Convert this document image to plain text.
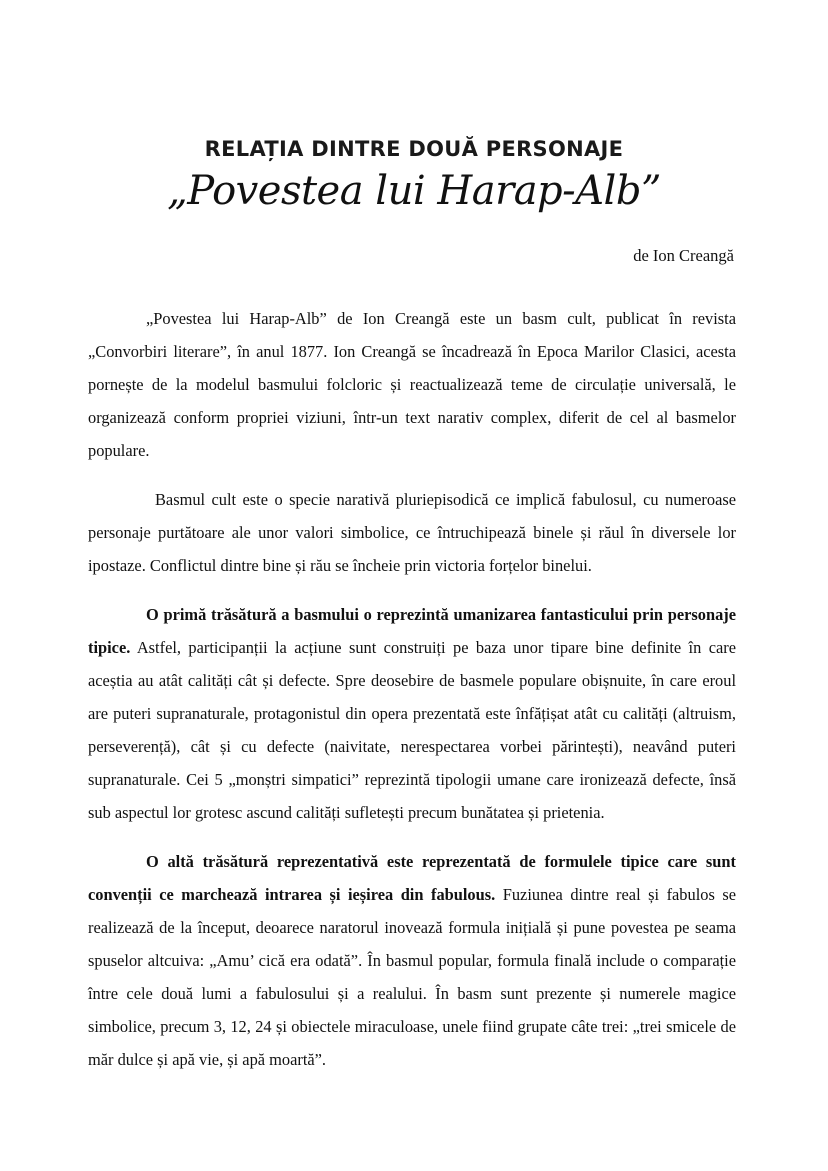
RELAȚIA DINTRE DOUĂ PERSONAJE
„Povestea lui Harap-Alb”
de Ion Creangă

„Povestea lui Harap-Alb” de Ion Creangă este un basm cult, publicat în revista „Convorbiri literare”, în anul 1877. Ion Creangă se încadrează în Epoca Marilor Clasici, acesta pornește de la modelul basmului folcloric și reactualizează teme de circulație universală, le organizează conform propriei viziuni, într-un text narativ complex, diferit de cel al basmelor populare.

Basmul cult este o specie narativă pluriepisodică ce implică fabulosul, cu numeroase personaje purtătoare ale unor valori simbolice, ce întruchipează binele și răul în diversele lor ipostaze. Conflictul dintre bine și rău se încheie prin victoria forțelor binelui.

O primă trăsătură a basmului o reprezintă umanizarea fantasticului prin personaje tipice. Astfel, participanții la acțiune sunt construiți pe baza unor tipare bine definite în care aceștia au atât calități cât și defecte. Spre deosebire de basmele populare obișnuite, în care eroul are puteri supranaturale, protagonistul din opera prezentată este înfățișat atât cu calități (altruism, perseverență), cât și cu defecte (naivitate, nerespectarea vorbei părintești), neavând puteri supranaturale. Cei 5 „monștri simpatici” reprezintă tipologii umane care ironizează defecte, însă sub aspectul lor grotesc ascund calități sufletești precum bunătatea și prietenia.

O altă trăsătură reprezentativă este reprezentată de formulele tipice care sunt convenții ce marchează intrarea și ieșirea din fabulous. Fuziunea dintre real și fabulos se realizează de la început, deoarece naratorul inovează formula inițială și pune povestea pe seama spuselor altcuiva: „Amu’ cică era odată”. În basmul popular, formula finală include o comparație între cele două lumi a fabulosului și a realului. În basm sunt prezente și numerele magice simbolice, precum 3, 12, 24 și obiectele miraculoase, unele fiind grupate câte trei: „trei smicele de măr dulce și apă vie, și apă moartă”.
